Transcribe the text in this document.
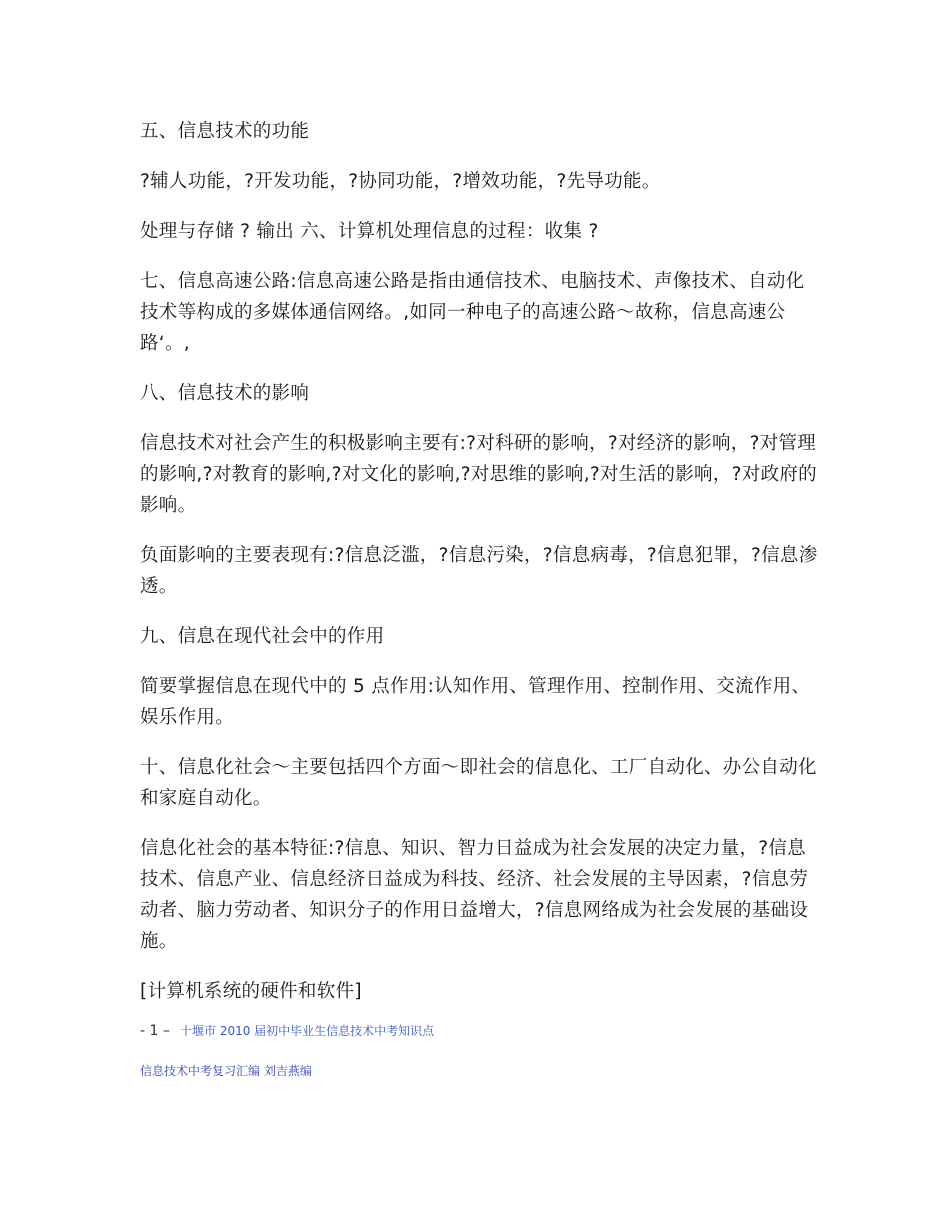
五、信息技术的功能

?辅人功能，?开发功能，?协同功能，?增效功能，?先导功能。

处理与存储 ? 输出 六、计算机处理信息的过程：收集 ?

七、信息高速公路:信息高速公路是指由通信技术、电脑技术、声像技术、自动化技术等构成的多媒体通信网络。,如同一种电子的高速公路～故称，信息高速公路‘。,

八、信息技术的影响

信息技术对社会产生的积极影响主要有:?对科研的影响，?对经济的影响，?对管理的影响,?对教育的影响,?对文化的影响,?对思维的影响,?对生活的影响，?对政府的影响。

负面影响的主要表现有:?信息泛滥，?信息污染，?信息病毒，?信息犯罪，?信息渗透。

九、信息在现代社会中的作用

简要掌握信息在现代中的 5 点作用:认知作用、管理作用、控制作用、交流作用、娱乐作用。

十、信息化社会～主要包括四个方面～即社会的信息化、工厂自动化、办公自动化和家庭自动化。

信息化社会的基本特征:?信息、知识、智力日益成为社会发展的决定力量，?信息技术、信息产业、信息经济日益成为科技、经济、社会发展的主导因素，?信息劳动者、脑力劳动者、知识分子的作用日益增大，?信息网络成为社会发展的基础设施。

[计算机系统的硬件和软件]

- 1 – 十堰市 2010 届初中毕业生信息技术中考知识点
信息技术中考复习汇编 刘吉燕编
